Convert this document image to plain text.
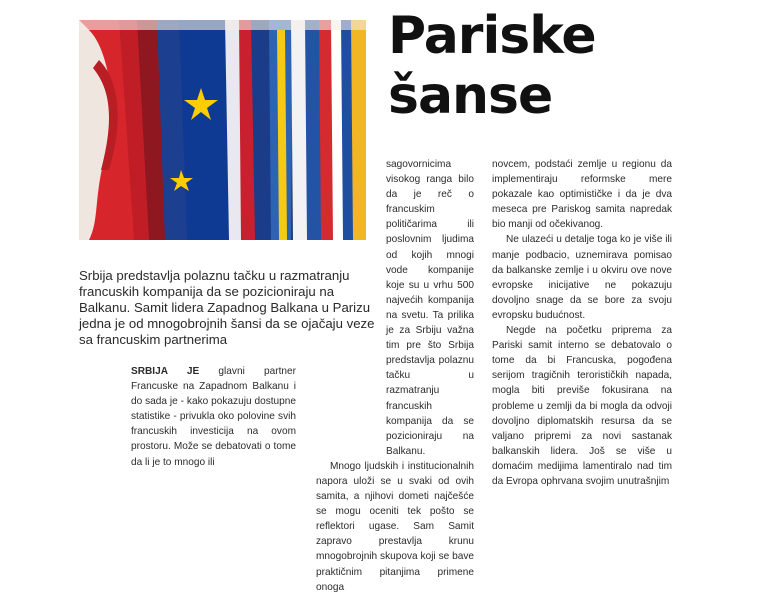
Pariske
šanse

Srbija predstavlja polaznu tačku u razmatranju francuskih kompanija da se pozicioniraju na Balkanu. Samit lidera Zapadnog Balkana u Parizu jedna je od mnogobrojnih šansi da se ojačaju veze sa francuskim partnerima

SRBIJA JE glavni partner Francuske na Zapadnom Balkanu i do sada je - kako pokazuju dostupne statistike - privukla oko polovine svih francuskih investicija na ovom prostoru. Može se debatovati o tome da li je to mnogo ili

sagovornicima visokog ranga bilo da je reč o francuskim političarima ili poslovnim ljudima od kojih mnogi vode kompanije koje su u vrhu 500 najvećih kompanija na svetu. Ta prilika je za Srbiju važna tim pre što Srbija predstavlja polaznu tačku u razmatranju francuskih kompanija da se pozicioniraju na Balkanu.

Mnogo ljudskih i institucionalnih napora uloži se u svaki od ovih samita, a njihovi dometi najčešće se mogu oceniti tek pošto se reflektori ugase. Sam Samit zapravo prestavlja krunu mnogobrojnih skupova koji se bave praktičnim pitanjima primene onoga

novcem, podstaći zemlje u regionu da implementiraju reformske mere pokazale kao optimističke i da je dva meseca pre Pariskog samita napredak bio manji od očekivanog.

Ne ulazeći u detalje toga ko je više ili manje podbacio, uznemirava pomisao da balkanske zemlje i u okviru ove nove evropske inicijative ne pokazuju dovoljno snage da se bore za svoju evropsku budućnost.

Negde na početku priprema za Pariski samit interno se debatovalo o tome da bi Francuska, pogođena serijom tragičnih terorističkih napada, mogla biti previše fokusirana na probleme u zemlji da bi mogla da odvoji dovoljno diplomatskih resursa da se valjano pripremi za novi sastanak balkanskih lidera. Još se više u domaćim medijima lamentiralo nad tim da Evropa ophrvana svojim unutrašnjim
